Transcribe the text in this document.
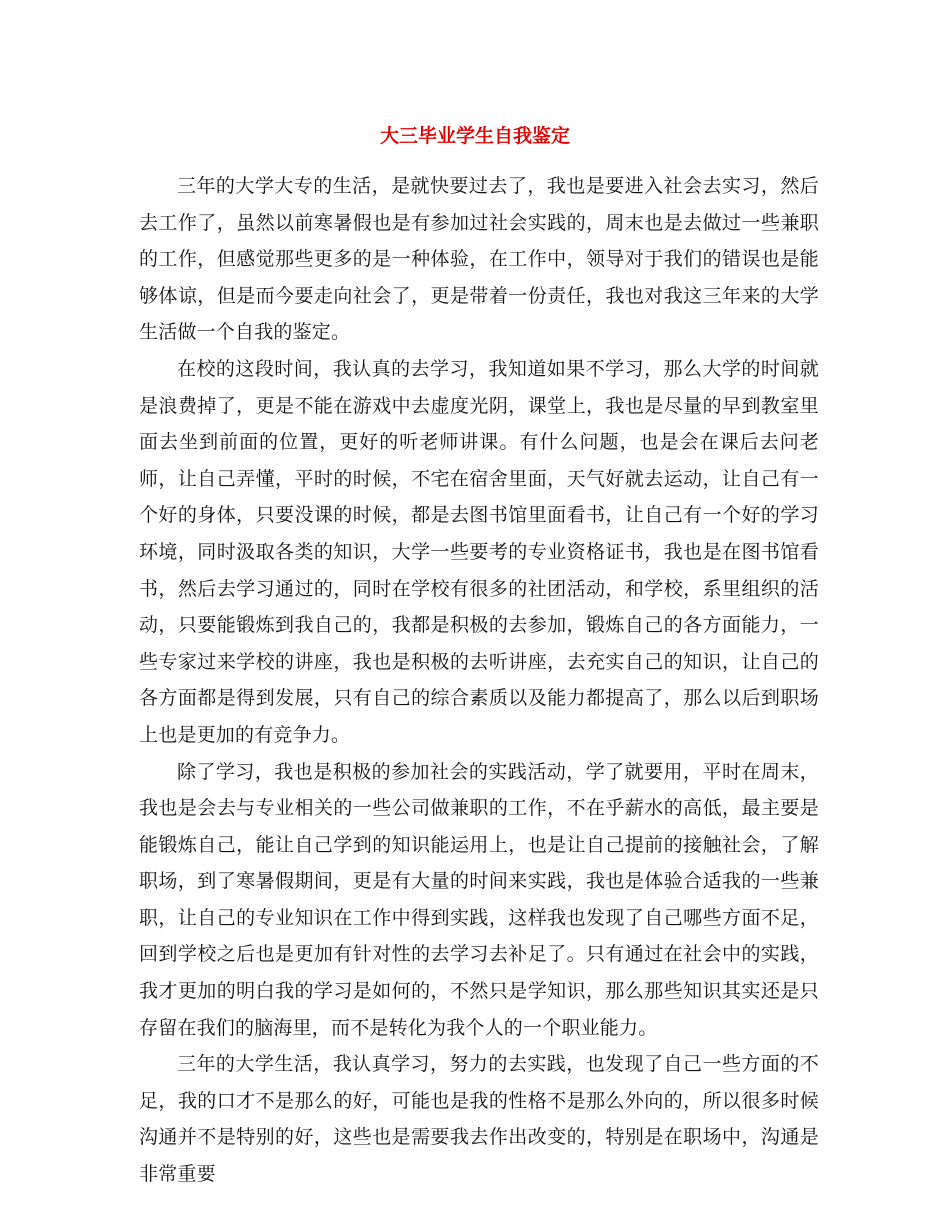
大三毕业学生自我鉴定

三年的大学大专的生活，是就快要过去了，我也是要进入社会去实习，然后去工作了，虽然以前寒暑假也是有参加过社会实践的，周末也是去做过一些兼职的工作，但感觉那些更多的是一种体验，在工作中，领导对于我们的错误也是能够体谅，但是而今要走向社会了，更是带着一份责任，我也对我这三年来的大学生活做一个自我的鉴定。

在校的这段时间，我认真的去学习，我知道如果不学习，那么大学的时间就是浪费掉了，更是不能在游戏中去虚度光阴，课堂上，我也是尽量的早到教室里面去坐到前面的位置，更好的听老师讲课。有什么问题，也是会在课后去问老师，让自己弄懂，平时的时候，不宅在宿舍里面，天气好就去运动，让自己有一个好的身体，只要没课的时候，都是去图书馆里面看书，让自己有一个好的学习环境，同时汲取各类的知识，大学一些要考的专业资格证书，我也是在图书馆看书，然后去学习通过的，同时在学校有很多的社团活动，和学校，系里组织的活动，只要能锻炼到我自己的，我都是积极的去参加，锻炼自己的各方面能力，一些专家过来学校的讲座，我也是积极的去听讲座，去充实自己的知识，让自己的各方面都是得到发展，只有自己的综合素质以及能力都提高了，那么以后到职场上也是更加的有竞争力。

除了学习，我也是积极的参加社会的实践活动，学了就要用，平时在周末，我也是会去与专业相关的一些公司做兼职的工作，不在乎薪水的高低，最主要是能锻炼自己，能让自己学到的知识能运用上，也是让自己提前的接触社会，了解职场，到了寒暑假期间，更是有大量的时间来实践，我也是体验合适我的一些兼职，让自己的专业知识在工作中得到实践，这样我也发现了自己哪些方面不足，回到学校之后也是更加有针对性的去学习去补足了。只有通过在社会中的实践，我才更加的明白我的学习是如何的，不然只是学知识，那么那些知识其实还是只存留在我们的脑海里，而不是转化为我个人的一个职业能力。

三年的大学生活，我认真学习，努力的去实践，也发现了自己一些方面的不足，我的口才不是那么的好，可能也是我的性格不是那么外向的，所以很多时候沟通并不是特别的好，这些也是需要我去作出改变的，特别是在职场中，沟通是非常重要
